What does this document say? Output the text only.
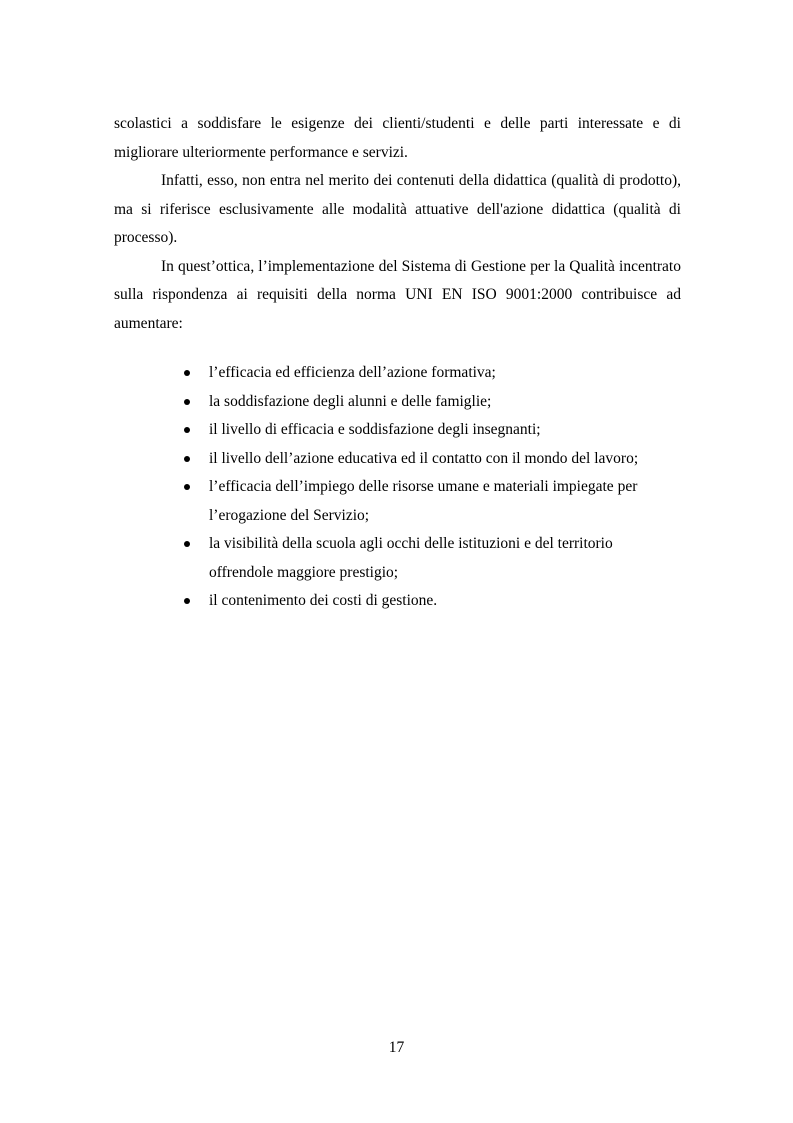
scolastici a soddisfare le esigenze dei clienti/studenti e delle parti interessate e di migliorare ulteriormente performance e servizi.

Infatti, esso, non entra nel merito dei contenuti della didattica (qualità di prodotto), ma si riferisce esclusivamente alle modalità attuative dell'azione didattica (qualità di processo).

In quest’ottica, l’implementazione del Sistema di Gestione per la Qualità incentrato sulla rispondenza ai requisiti della norma UNI EN ISO 9001:2000 contribuisce ad aumentare:

l’efficacia ed efficienza dell’azione formativa;
la soddisfazione degli alunni e delle famiglie;
il livello di efficacia e soddisfazione degli insegnanti;
il livello dell’azione educativa ed il contatto con il mondo del lavoro;
l’efficacia dell’impiego delle risorse umane e materiali impiegate per l’erogazione del Servizio;
la visibilità della scuola agli occhi delle istituzioni e del territorio offrendole maggiore prestigio;
il contenimento dei costi di gestione.
17
